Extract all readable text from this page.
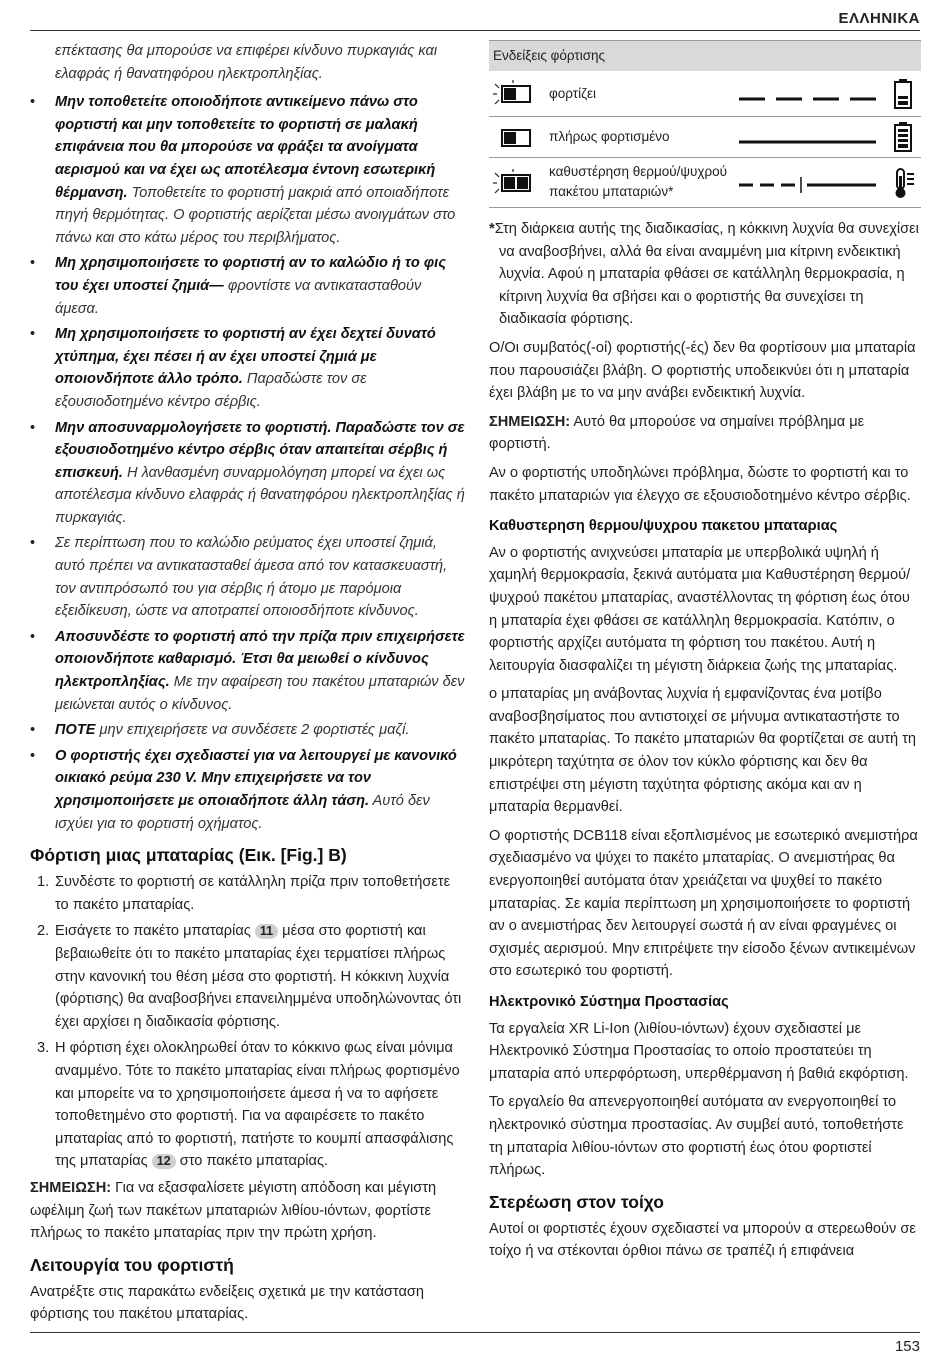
ΕΛΛΗΝΙΚΑ

επέκτασης θα μπορούσε να επιφέρει κίνδυνο πυρκαγιάς και ελαφράς ή θανατηφόρου ηλεκτροπληξίας.

• Μην τοποθετείτε οποιοδήποτε αντικείμενο πάνω στο φορτιστή και μην τοποθετείτε το φορτιστή σε μαλακή επιφάνεια που θα μπορούσε να φράξει τα ανοίγματα αερισμού και να έχει ως αποτέλεσμα έντονη εσωτερική θέρμανση. Τοποθετείτε το φορτιστή μακριά από οποιαδήποτε πηγή θερμότητας. Ο φορτιστής αερίζεται μέσω ανοιγμάτων στο πάνω και στο κάτω μέρος του περιβλήματος.
• Μη χρησιμοποιήσετε το φορτιστή αν το καλώδιο ή το φις του έχει υποστεί ζημιά— φροντίστε να αντικατασταθούν άμεσα.
• Μη χρησιμοποιήσετε το φορτιστή αν έχει δεχτεί δυνατό χτύπημα, έχει πέσει ή αν έχει υποστεί ζημιά με οποιονδήποτε άλλο τρόπο. Παραδώστε τον σε εξουσιοδοτημένο κέντρο σέρβις.
• Μην αποσυναρμολογήσετε το φορτιστή. Παραδώστε τον σε εξουσιοδοτημένο κέντρο σέρβις όταν απαιτείται σέρβις ή επισκευή. Η λανθασμένη συναρμολόγηση μπορεί να έχει ως αποτέλεσμα κίνδυνο ελαφράς ή θανατηφόρου ηλεκτροπληξίας ή πυρκαγιάς.
• Σε περίπτωση που το καλώδιο ρεύματος έχει υποστεί ζημιά, αυτό πρέπει να αντικατασταθεί άμεσα από τον κατασκευαστή, τον αντιπρόσωπό του για σέρβις ή άτομο με παρόμοια εξειδίκευση, ώστε να αποτραπεί οποιοσδήποτε κίνδυνος.
• Αποσυνδέστε το φορτιστή από την πρίζα πριν επιχειρήσετε οποιονδήποτε καθαρισμό. Έτσι θα μειωθεί ο κίνδυνος ηλεκτροπληξίας. Με την αφαίρεση του πακέτου μπαταριών δεν μειώνεται αυτός ο κίνδυνος.
• ΠΟΤΕ μην επιχειρήσετε να συνδέσετε 2 φορτιστές μαζί.
• Ο φορτιστής έχει σχεδιαστεί για να λειτουργεί με κανονικό οικιακό ρεύμα 230 V. Μην επιχειρήσετε να τον χρησιμοποιήσετε με οποιαδήποτε άλλη τάση. Αυτό δεν ισχύει για το φορτιστή οχήματος.
Φόρτιση μιας μπαταρίας (Εικ. [Fig.] B)
1. Συνδέστε το φορτιστή σε κατάλληλη πρίζα πριν τοποθετήσετε το πακέτο μπαταρίας.
2. Εισάγετε το πακέτο μπαταρίας 11 μέσα στο φορτιστή και βεβαιωθείτε ότι το πακέτο μπαταρίας έχει τερματίσει πλήρως στην κανονική του θέση μέσα στο φορτιστή. Η κόκκινη λυχνία (φόρτισης) θα αναβοσβήνει επανειλημμένα υποδηλώνοντας ότι έχει αρχίσει η διαδικασία φόρτισης.
3. Η φόρτιση έχει ολοκληρωθεί όταν το κόκκινο φως είναι μόνιμα αναμμένο. Τότε το πακέτο μπαταρίας είναι πλήρως φορτισμένο και μπορείτε να το χρησιμοποιήσετε άμεσα ή να το αφήσετε τοποθετημένο στο φορτιστή. Για να αφαιρέσετε το πακέτο μπαταρίας από το φορτιστή, πατήστε το κουμπί απασφάλισης της μπαταρίας 12 στο πακέτο μπαταρίας.

ΣΗΜΕΙΩΣΗ: Για να εξασφαλίσετε μέγιστη απόδοση και μέγιστη ωφέλιμη ζωή των πακέτων μπαταριών λιθίου-ιόντων, φορτίστε πλήρως το πακέτο μπαταρίας πριν την πρώτη χρήση.

Λειτουργία του φορτιστή

Ανατρέξτε στις παρακάτω ενδείξεις σχετικά με την κατάσταση φόρτισης του πακέτου μπαταρίας.

Ενδείξεις φόρτισης
φορτίζει
πλήρως φορτισμένο
καθυστέρηση θερμού/ψυχρού
πακέτου μπαταριών*

*Στη διάρκεια αυτής της διαδικασίας, η κόκκινη λυχνία θα συνεχίσει να αναβοσβήνει, αλλά θα είναι αναμμένη μια κίτρινη ενδεικτική λυχνία. Αφού η μπαταρία φθάσει σε κατάλληλη θερμοκρασία, η κίτρινη λυχνία θα σβήσει και ο φορτιστής θα συνεχίσει τη διαδικασία φόρτισης.

Ο/Οι συμβατός(-οί) φορτιστής(-ές) δεν θα φορτίσουν μια μπαταρία που παρουσιάζει βλάβη. Ο φορτιστής υποδεικνύει ότι η μπαταρία έχει βλάβη με το να μην ανάβει ενδεικτική λυχνία.

ΣΗΜΕΙΩΣΗ: Αυτό θα μπορούσε να σημαίνει πρόβλημα με φορτιστή.

Αν ο φορτιστής υποδηλώνει πρόβλημα, δώστε το φορτιστή και το πακέτο μπαταριών για έλεγχο σε εξουσιοδοτημένο κέντρο σέρβις.

Καθυστερηση θερμου/ψυχρου πακετου μπαταριας

Αν ο φορτιστής ανιχνεύσει μπαταρία με υπερβολικά υψηλή ή χαμηλή θερμοκρασία, ξεκινά αυτόματα μια Καθυστέρηση θερμού/ψυχρού πακέτου μπαταρίας, αναστέλλοντας τη φόρτιση έως ότου η μπαταρία έχει φθάσει σε κατάλληλη θερμοκρασία. Κατόπιν, ο φορτιστής αρχίζει αυτόματα τη φόρτιση του πακέτου. Αυτή η λειτουργία διασφαλίζει τη μέγιστη διάρκεια ζωής της μπαταρίας.

ο μπαταρίας μη ανάβοντας λυχνία ή εμφανίζοντας ένα μοτίβο αναβοσβησίματος που αντιστοιχεί σε μήνυμα αντικαταστήστε το πακέτο μπαταρίας. Το πακέτο μπαταριών θα φορτίζεται σε αυτή τη μικρότερη ταχύτητα σε όλον τον κύκλο φόρτισης και δεν θα επιστρέψει στη μέγιστη ταχύτητα φόρτισης ακόμα και αν η μπαταρία θερμανθεί.

Ο φορτιστής DCB118 είναι εξοπλισμένος με εσωτερικό ανεμιστήρα σχεδιασμένο να ψύχει το πακέτο μπαταρίας. Ο ανεμιστήρας θα ενεργοποιηθεί αυτόματα όταν χρειάζεται να ψυχθεί το πακέτο μπαταρίας. Σε καμία περίπτωση μη χρησιμοποιήσετε το φορτιστή αν ο ανεμιστήρας δεν λειτουργεί σωστά ή αν είναι φραγμένες οι σχισμές αερισμού. Μην επιτρέψετε την είσοδο ξένων αντικειμένων στο εσωτερικό του φορτιστή.

Ηλεκτρονικό Σύστημα Προστασίας

Τα εργαλεία XR Li-Ion (λιθίου-ιόντων) έχουν σχεδιαστεί με Ηλεκτρονικό Σύστημα Προστασίας το οποίο προστατεύει τη μπαταρία από υπερφόρτωση, υπερθέρμανση ή βαθιά εκφόρτιση.

Το εργαλείο θα απενεργοποιηθεί αυτόματα αν ενεργοποιηθεί το ηλεκτρονικό σύστημα προστασίας. Αν συμβεί αυτό, τοποθετήστε τη μπαταρία λιθίου-ιόντων στο φορτιστή έως ότου φορτιστεί πλήρως.

Στερέωση στον τοίχο

Αυτοί οι φορτιστές έχουν σχεδιαστεί να μπορούν α στερεωθούν σε τοίχο ή να στέκονται όρθιοι πάνω σε τραπέζι ή επιφάνεια

153
